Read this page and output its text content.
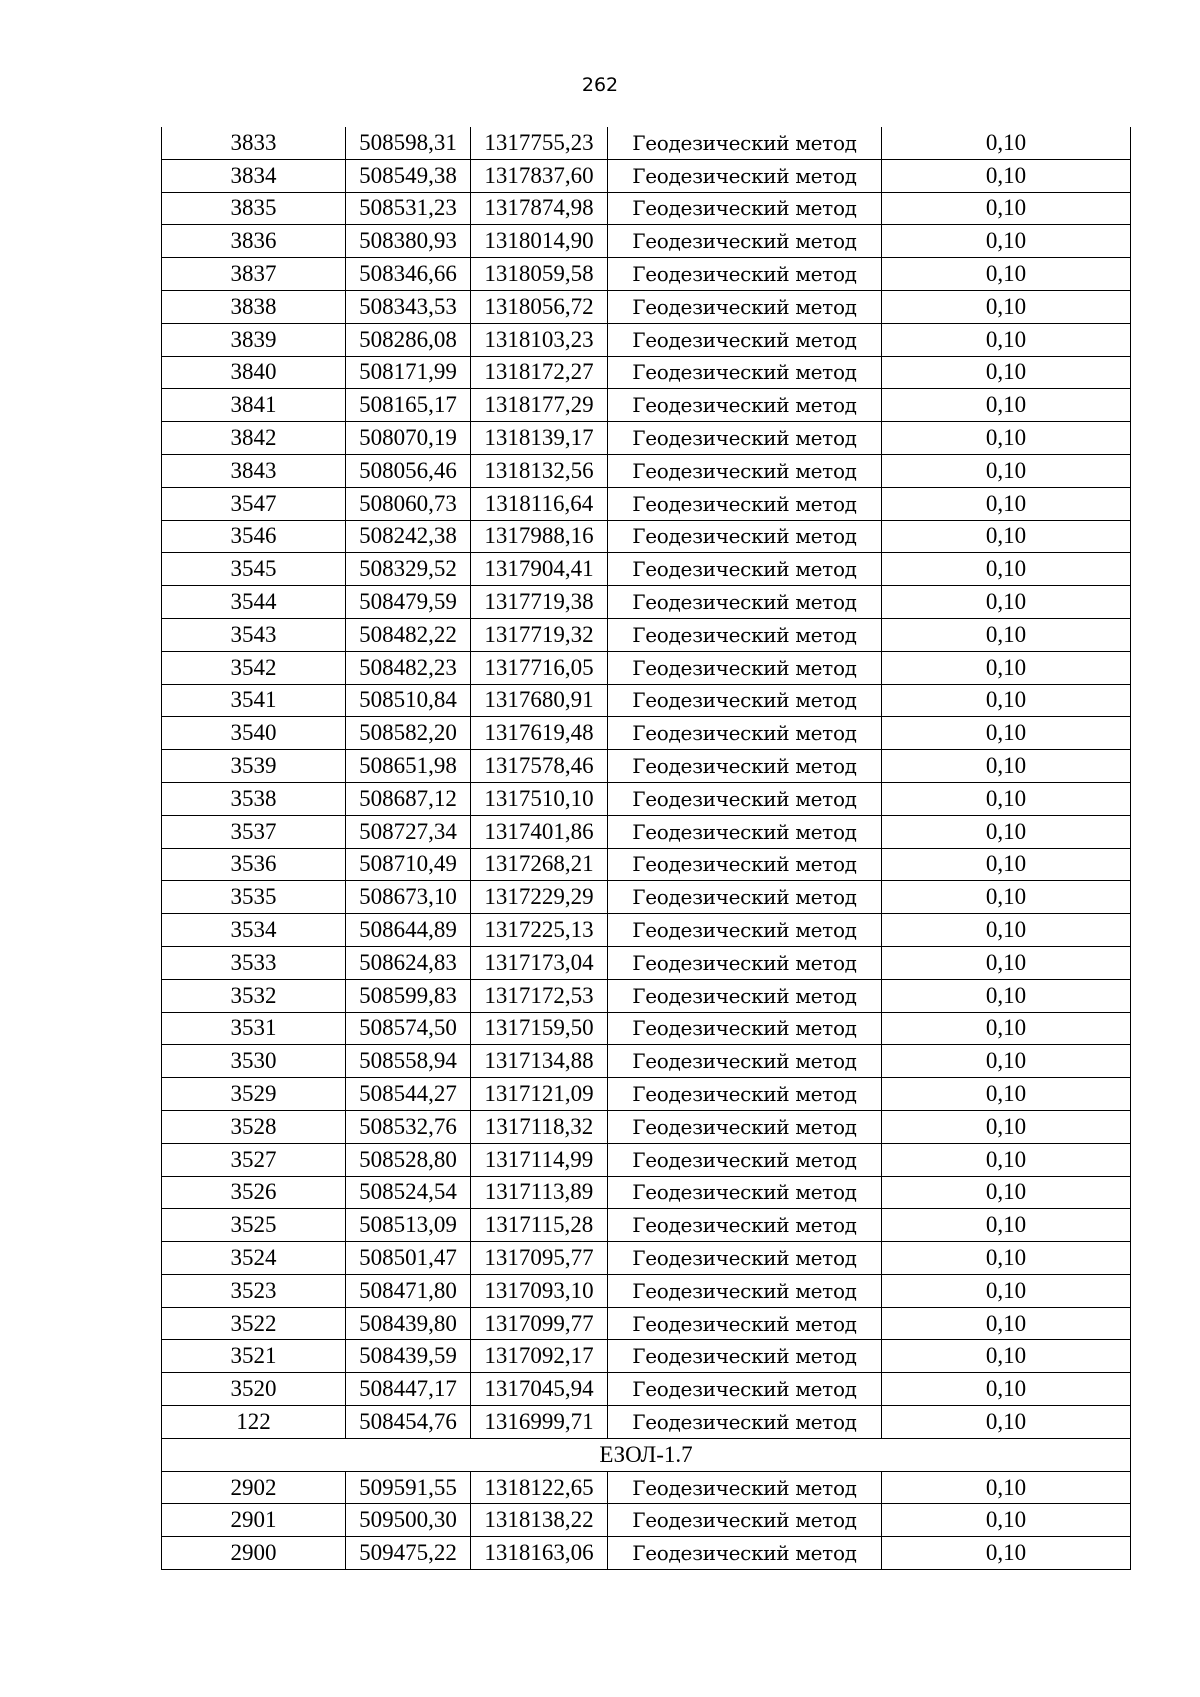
262
3833	508598,31	1317755,23	Геодезический метод	0,10
3834	508549,38	1317837,60	Геодезический метод	0,10
3835	508531,23	1317874,98	Геодезический метод	0,10
3836	508380,93	1318014,90	Геодезический метод	0,10
3837	508346,66	1318059,58	Геодезический метод	0,10
3838	508343,53	1318056,72	Геодезический метод	0,10
3839	508286,08	1318103,23	Геодезический метод	0,10
3840	508171,99	1318172,27	Геодезический метод	0,10
3841	508165,17	1318177,29	Геодезический метод	0,10
3842	508070,19	1318139,17	Геодезический метод	0,10
3843	508056,46	1318132,56	Геодезический метод	0,10
3547	508060,73	1318116,64	Геодезический метод	0,10
3546	508242,38	1317988,16	Геодезический метод	0,10
3545	508329,52	1317904,41	Геодезический метод	0,10
3544	508479,59	1317719,38	Геодезический метод	0,10
3543	508482,22	1317719,32	Геодезический метод	0,10
3542	508482,23	1317716,05	Геодезический метод	0,10
3541	508510,84	1317680,91	Геодезический метод	0,10
3540	508582,20	1317619,48	Геодезический метод	0,10
3539	508651,98	1317578,46	Геодезический метод	0,10
3538	508687,12	1317510,10	Геодезический метод	0,10
3537	508727,34	1317401,86	Геодезический метод	0,10
3536	508710,49	1317268,21	Геодезический метод	0,10
3535	508673,10	1317229,29	Геодезический метод	0,10
3534	508644,89	1317225,13	Геодезический метод	0,10
3533	508624,83	1317173,04	Геодезический метод	0,10
3532	508599,83	1317172,53	Геодезический метод	0,10
3531	508574,50	1317159,50	Геодезический метод	0,10
3530	508558,94	1317134,88	Геодезический метод	0,10
3529	508544,27	1317121,09	Геодезический метод	0,10
3528	508532,76	1317118,32	Геодезический метод	0,10
3527	508528,80	1317114,99	Геодезический метод	0,10
3526	508524,54	1317113,89	Геодезический метод	0,10
3525	508513,09	1317115,28	Геодезический метод	0,10
3524	508501,47	1317095,77	Геодезический метод	0,10
3523	508471,80	1317093,10	Геодезический метод	0,10
3522	508439,80	1317099,77	Геодезический метод	0,10
3521	508439,59	1317092,17	Геодезический метод	0,10
3520	508447,17	1317045,94	Геодезический метод	0,10
122	508454,76	1316999,71	Геодезический метод	0,10
ЕЗОЛ-1.7				
2902	509591,55	1318122,65	Геодезический метод	0,10
2901	509500,30	1318138,22	Геодезический метод	0,10
2900	509475,22	1318163,06	Геодезический метод	0,10
